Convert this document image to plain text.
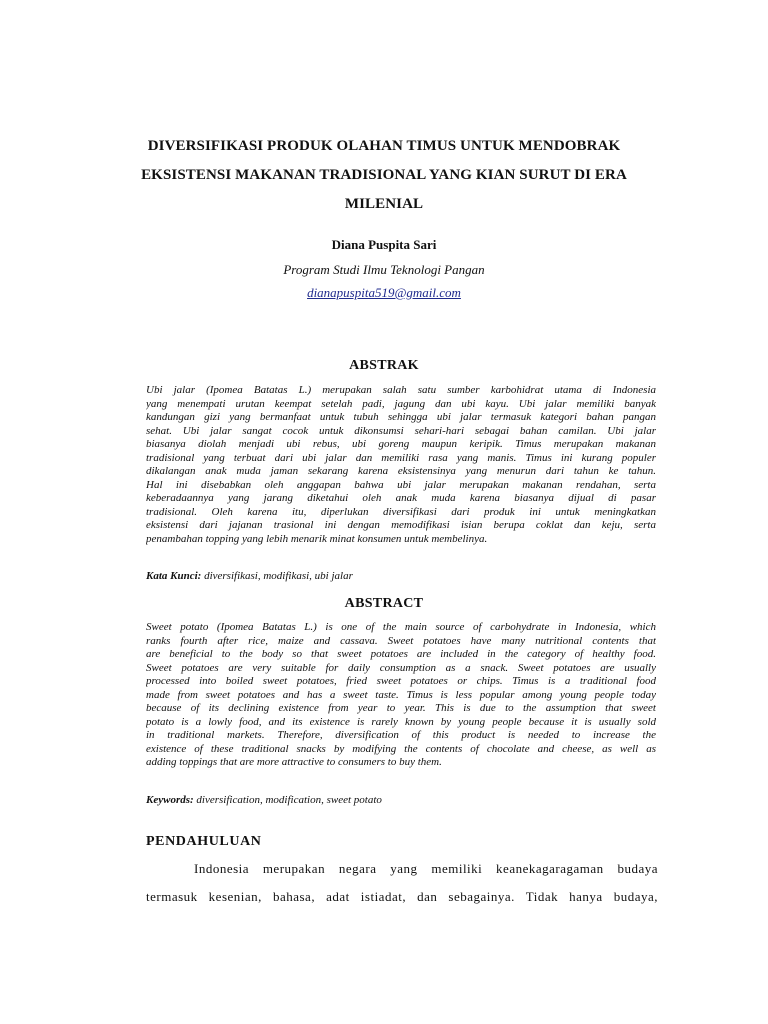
DIVERSIFIKASI PRODUK OLAHAN TIMUS UNTUK MENDOBRAK
EKSISTENSI MAKANAN TRADISIONAL YANG KIAN SURUT DI ERA
MILENIAL
Diana Puspita Sari
Program Studi Ilmu Teknologi Pangan
dianapuspita519@gmail.com
ABSTRAK
Ubi jalar (Ipomea Batatas L.) merupakan salah satu sumber karbohidrat utama di Indonesia
yang menempati urutan keempat setelah padi, jagung dan ubi kayu. Ubi jalar memiliki banyak
kandungan gizi yang bermanfaat untuk tubuh sehingga ubi jalar termasuk kategori bahan pangan
sehat. Ubi jalar sangat cocok untuk dikonsumsi sehari-hari sebagai bahan camilan. Ubi jalar
biasanya diolah menjadi ubi rebus, ubi goreng maupun keripik. Timus merupakan makanan
tradisional yang terbuat dari ubi jalar dan memiliki rasa yang manis. Timus ini kurang populer
dikalangan anak muda jaman sekarang karena eksistensinya yang menurun dari tahun ke tahun.
Hal ini disebabkan oleh anggapan bahwa ubi jalar merupakan makanan rendahan, serta
keberadaannya yang jarang diketahui oleh anak muda karena biasanya dijual di pasar
tradisional. Oleh karena itu, diperlukan diversifikasi dari produk ini untuk meningkatkan
eksistensi dari jajanan trasional ini dengan memodifikasi isian berupa coklat dan keju, serta
penambahan topping yang lebih menarik minat konsumen untuk membelinya.
Kata Kunci: diversifikasi, modifikasi, ubi jalar
ABSTRACT
Sweet potato (Ipomea Batatas L.) is one of the main source of carbohydrate in Indonesia, which
ranks fourth after rice, maize and cassava. Sweet potatoes have many nutritional contents that
are beneficial to the body so that sweet potatoes are included in the category of healthy food.
Sweet potatoes are very suitable for daily consumption as a snack. Sweet potatoes are usually
processed into boiled sweet potatoes, fried sweet potatoes or chips. Timus is a traditional food
made from sweet potatoes and has a sweet taste. Timus is less popular among young people today
because of its declining existence from year to year. This is due to the assumption that sweet
potato is a lowly food, and its existence is rarely known by young people because it is usually sold
in traditional markets. Therefore, diversification of this product is needed to increase the
existence of these traditional snacks by modifying the contents of chocolate and cheese, as well as
adding toppings that are more attractive to consumers to buy them.
Keywords: diversification, modification, sweet potato
PENDAHULUAN
Indonesia merupakan negara yang memiliki keanekagaragaman budaya
termasuk kesenian, bahasa, adat istiadat, dan sebagainya. Tidak hanya budaya,
